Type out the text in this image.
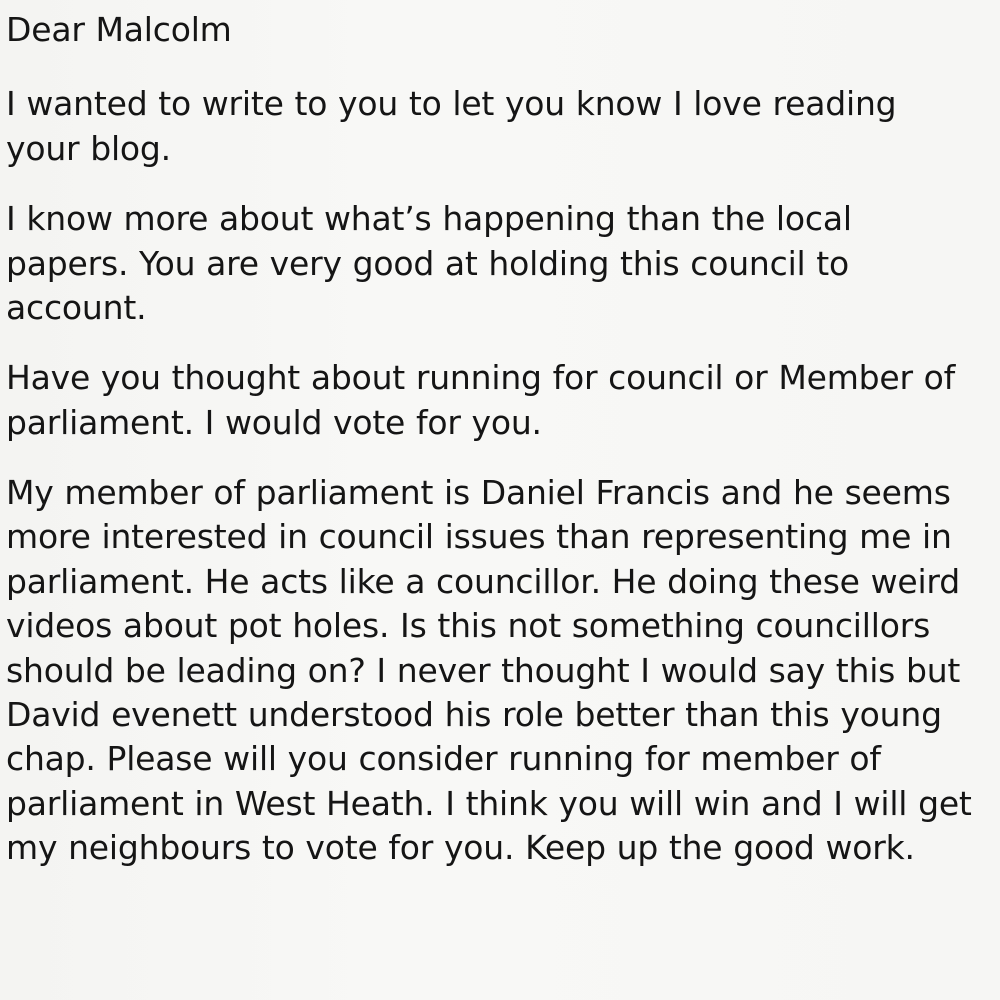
Dear Malcolm

I wanted to write to you to let you know I love reading your blog.

I know more about what’s happening than the local papers. You are very good at holding this council to account.

Have you thought about running for council or Member of parliament. I would vote for you.

My member of parliament is Daniel Francis and he seems more interested in council issues than representing me in parliament. He acts like a councillor. He doing these weird videos about pot holes. Is this not something councillors should be leading on? I never thought I would say this but David evenett understood his role better than this young chap. Please will you consider running for member of parliament in West Heath. I think you will win and I will get my neighbours to vote for you. Keep up the good work.
